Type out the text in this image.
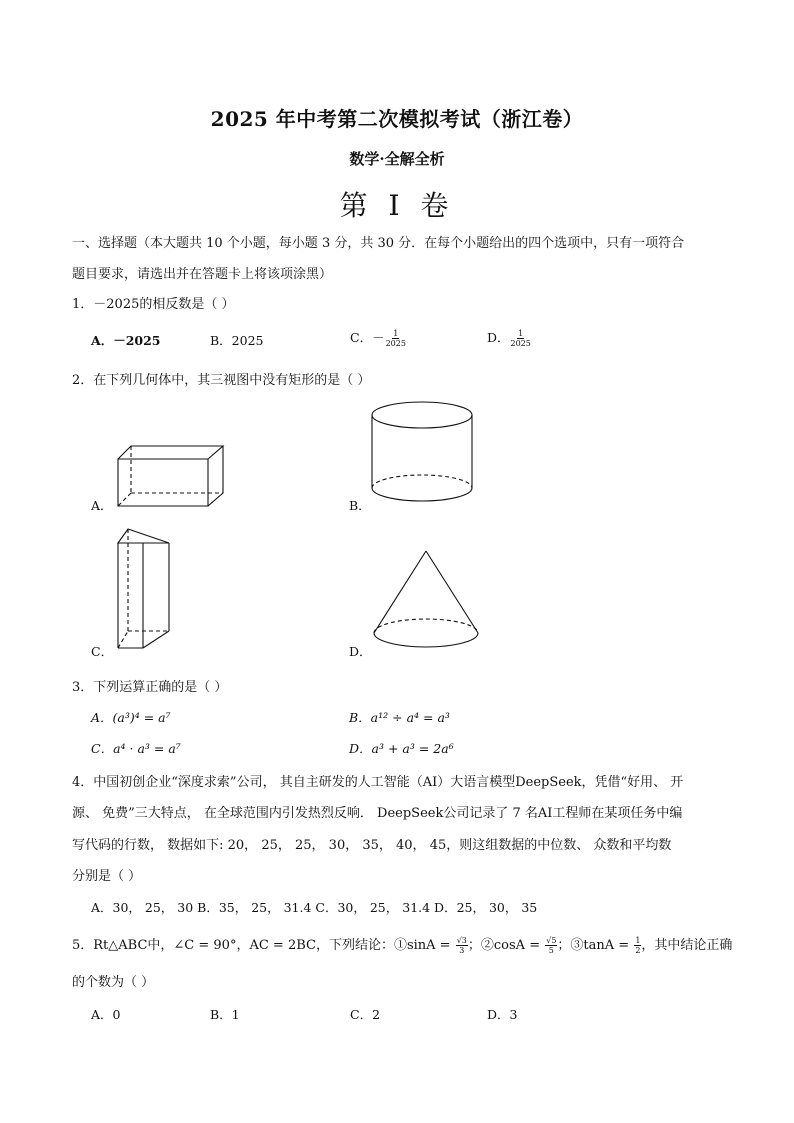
2025 年中考第二次模拟考试（浙江卷）
数学·全解全析
第 I 卷
一、选择题（本大题共 10 个小题，每小题 3 分，共 30 分．在每个小题给出的四个选项中，只有一项符合
题目要求，请选出并在答题卡上将该项涂黑）
1．－2025的相反数是（ ）
A．－2025	B．2025	C．－ $\frac{1}{2025}$	D． $\frac{1}{2025}$
2．在下列几何体中，其三视图中没有矩形的是（ ）
A．	B．
C．	D．
3．下列运算正确的是（ ）
A．(a³)⁴ = a⁷	B．a¹² ÷ a⁴ = a³
C．a⁴ · a³ = a⁷	D．a³ + a³ = 2a⁶
4．中国初创企业“深度求索”公司， 其自主研发的人工智能（AI）大语言模型DeepSeek，凭借“好用、 开
源、 免费”三大特点， 在全球范围内引发热烈反响． DeepSeek公司记录了 7 名AI工程师在某项任务中编
写代码的行数， 数据如下: 20， 25， 25， 30， 35， 40， 45，则这组数据的中位数、 众数和平均数
分别是（ ）
A．30， 25， 30 B．35， 25， 31.4 C．30， 25， 31.4 D．25， 30， 35
5．Rt△ABC中，∠C = 90°，AC = 2BC，下列结论：①sinA = $\frac{√3}{3}$ ；②cosA = $\frac{√5}{5}$ ；③tanA = $\frac{1}{2}$ ，其中结论正确
的个数为（ ）
A．0	B．1	C．2	D．3
